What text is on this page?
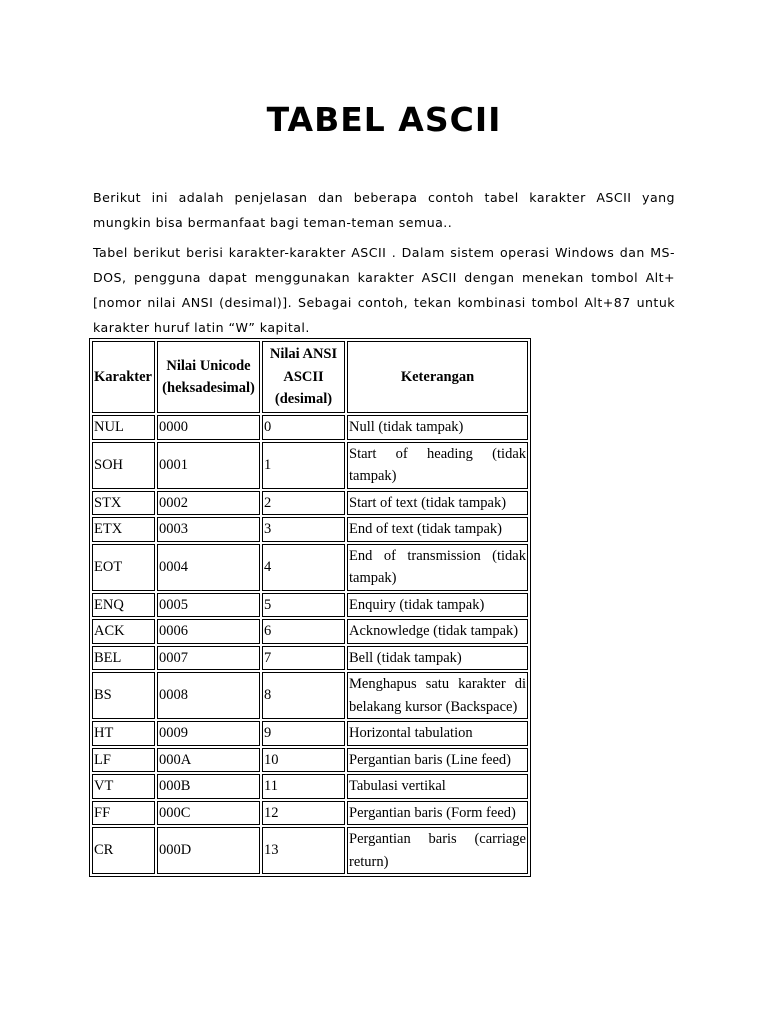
TABEL ASCII

Berikut ini adalah penjelasan dan beberapa contoh tabel karakter ASCII yang mungkin bisa bermanfaat bagi teman-teman semua..

Tabel berikut berisi karakter-karakter ASCII . Dalam sistem operasi Windows dan MS-DOS, pengguna dapat menggunakan karakter ASCII dengan menekan tombol Alt+[nomor nilai ANSI (desimal)]. Sebagai contoh, tekan kombinasi tombol Alt+87 untuk karakter huruf latin “W” kapital.

Karakter	Nilai Unicode (heksadesimal)	Nilai ANSI ASCII (desimal)	Keterangan
NUL	0000	0	Null (tidak tampak)
SOH	0001	1	Start of heading (tidak tampak)
STX	0002	2	Start of text (tidak tampak)
ETX	0003	3	End of text (tidak tampak)
EOT	0004	4	End of transmission (tidak tampak)
ENQ	0005	5	Enquiry (tidak tampak)
ACK	0006	6	Acknowledge (tidak tampak)
BEL	0007	7	Bell (tidak tampak)
BS	0008	8	Menghapus satu karakter di belakang kursor (Backspace)
HT	0009	9	Horizontal tabulation
LF	000A	10	Pergantian baris (Line feed)
VT	000B	11	Tabulasi vertikal
FF	000C	12	Pergantian baris (Form feed)
CR	000D	13	Pergantian baris (carriage return)
